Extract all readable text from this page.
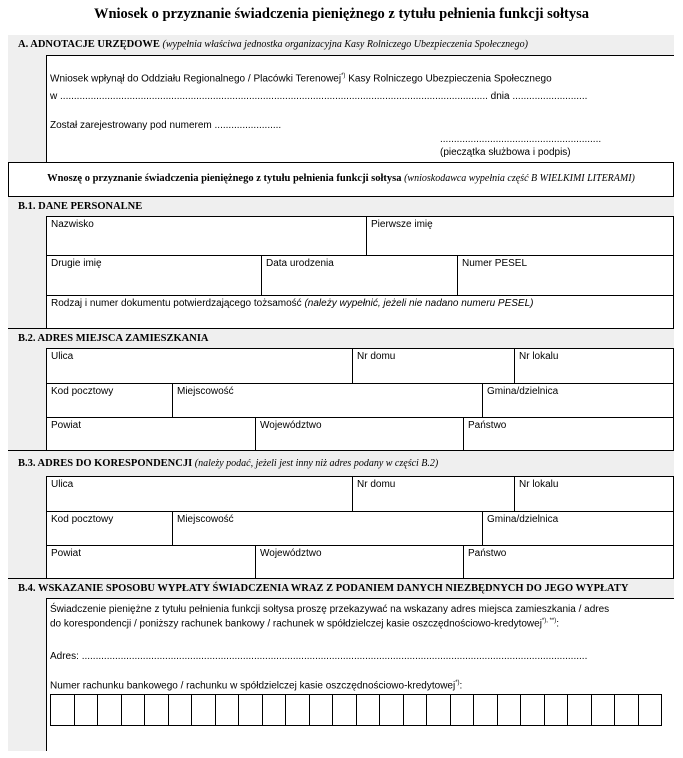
Wniosek o przyznanie świadczenia pieniężnego z tytułu pełnienia funkcji sołtysa
A. ADNOTACJE URZĘDOWE (wypełnia właściwa jednostka organizacyjna Kasy Rolniczego Ubezpieczenia Społecznego)
Wniosek wpłynął do Oddziału Regionalnego / Placówki Terenowej*) Kasy Rolniczego Ubezpieczenia Społecznego
w .......................................................................................................................................................... dnia ...........................
Został zarejestrowany pod numerem ........................
..........................................................
(pieczątka służbowa i podpis)
Wnoszę o przyznanie świadczenia pieniężnego z tytułu pełnienia funkcji sołtysa (wnioskodawca wypełnia część B WIELKIMI LITERAMI)
B.1. DANE PERSONALNE
Nazwisko	Pierwsze imię
Drugie imię	Data urodzenia	Numer PESEL
Rodzaj i numer dokumentu potwierdzającego tożsamość (należy wypełnić, jeżeli nie nadano numeru PESEL)
B.2. ADRES MIEJSCA ZAMIESZKANIA
Ulica	Nr domu	Nr lokalu
Kod pocztowy	Miejscowość	Gmina/dzielnica
Powiat	Województwo	Państwo
B.3. ADRES DO KORESPONDENCJI (należy podać, jeżeli jest inny niż adres podany w części B.2)
Ulica	Nr domu	Nr lokalu
Kod pocztowy	Miejscowość	Gmina/dzielnica
Powiat	Województwo	Państwo
B.4. WSKAZANIE SPOSOBU WYPŁATY ŚWIADCZENIA WRAZ Z PODANIEM DANYCH NIEZBĘDNYCH DO JEGO WYPŁATY
Świadczenie pieniężne z tytułu pełnienia funkcji sołtysa proszę przekazywać na wskazany adres miejsca zamieszkania / adres
do korespondencji / poniższy rachunek bankowy / rachunek w spółdzielczej kasie oszczędnościowo-kredytowej*), **):
Adres: ......................................................................................................................................................................................
Numer rachunku bankowego / rachunku w spółdzielczej kasie oszczędnościowo-kredytowej*):
